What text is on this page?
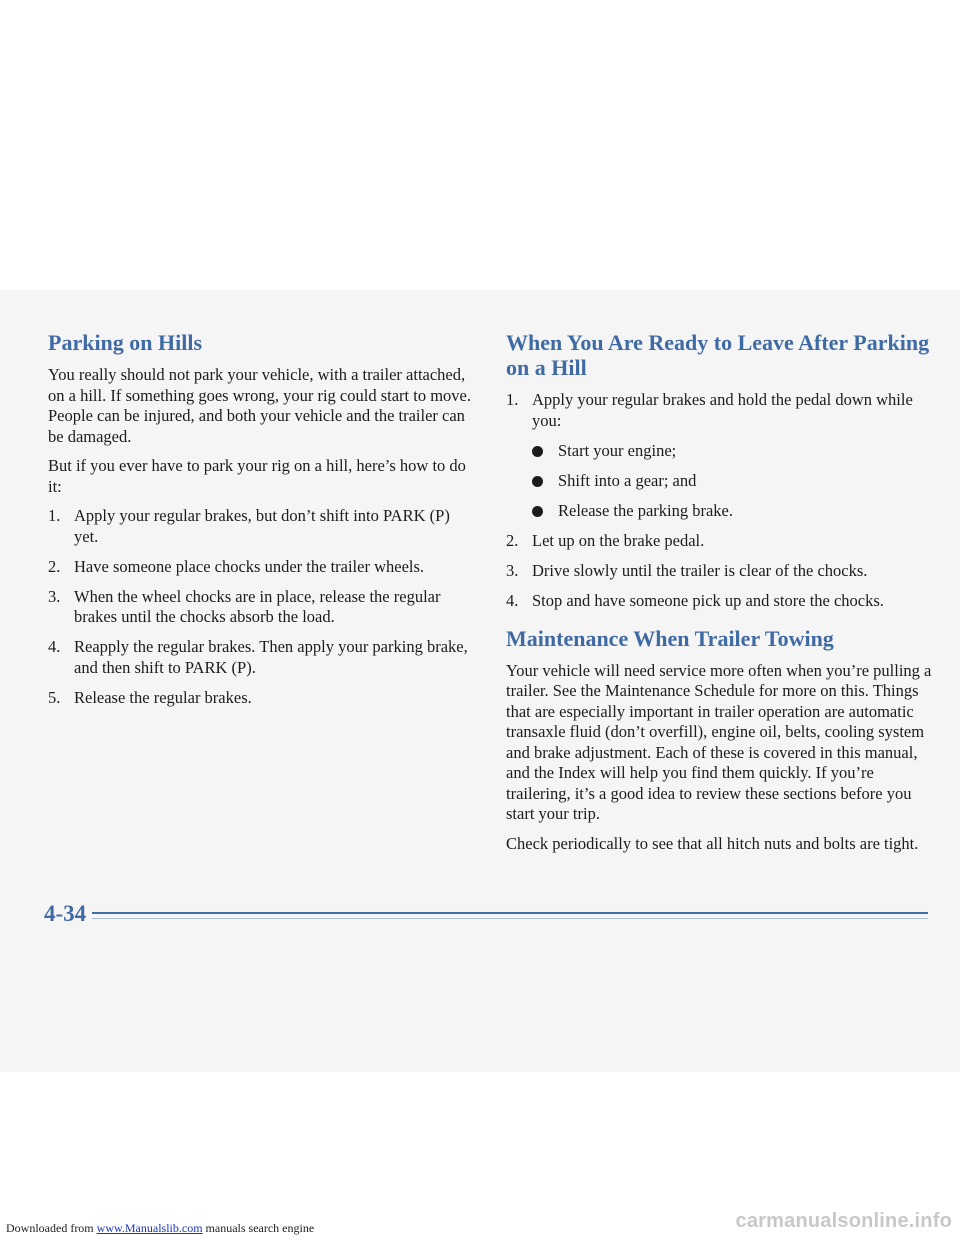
Parking on Hills

You really should not park your vehicle, with a trailer attached, on a hill. If something goes wrong, your rig could start to move. People can be injured, and both your vehicle and the trailer can be damaged.

But if you ever have to park your rig on a hill, here’s how to do it:

1. Apply your regular brakes, but don’t shift into PARK (P) yet.
2. Have someone place chocks under the trailer wheels.
3. When the wheel chocks are in place, release the regular brakes until the chocks absorb the load.
4. Reapply the regular brakes. Then apply your parking brake, and then shift to PARK (P).
5. Release the regular brakes.
When You Are Ready to Leave After Parking on a Hill
1. Apply your regular brakes and hold the pedal down while you:
Start your engine;
Shift into a gear; and
Release the parking brake.
2. Let up on the brake pedal.
3. Drive slowly until the trailer is clear of the chocks.
4. Stop and have someone pick up and store the chocks.
Maintenance When Trailer Towing

Your vehicle will need service more often when you’re pulling a trailer. See the Maintenance Schedule for more on this. Things that are especially important in trailer operation are automatic transaxle fluid (don’t overfill), engine oil, belts, cooling system and brake adjustment. Each of these is covered in this manual, and the Index will help you find them quickly. If you’re trailering, it’s a good idea to review these sections before you start your trip.

Check periodically to see that all hitch nuts and bolts are tight.

4-34
Downloaded from www.Manualslib.com manuals search engine	carmanualsonline.info
